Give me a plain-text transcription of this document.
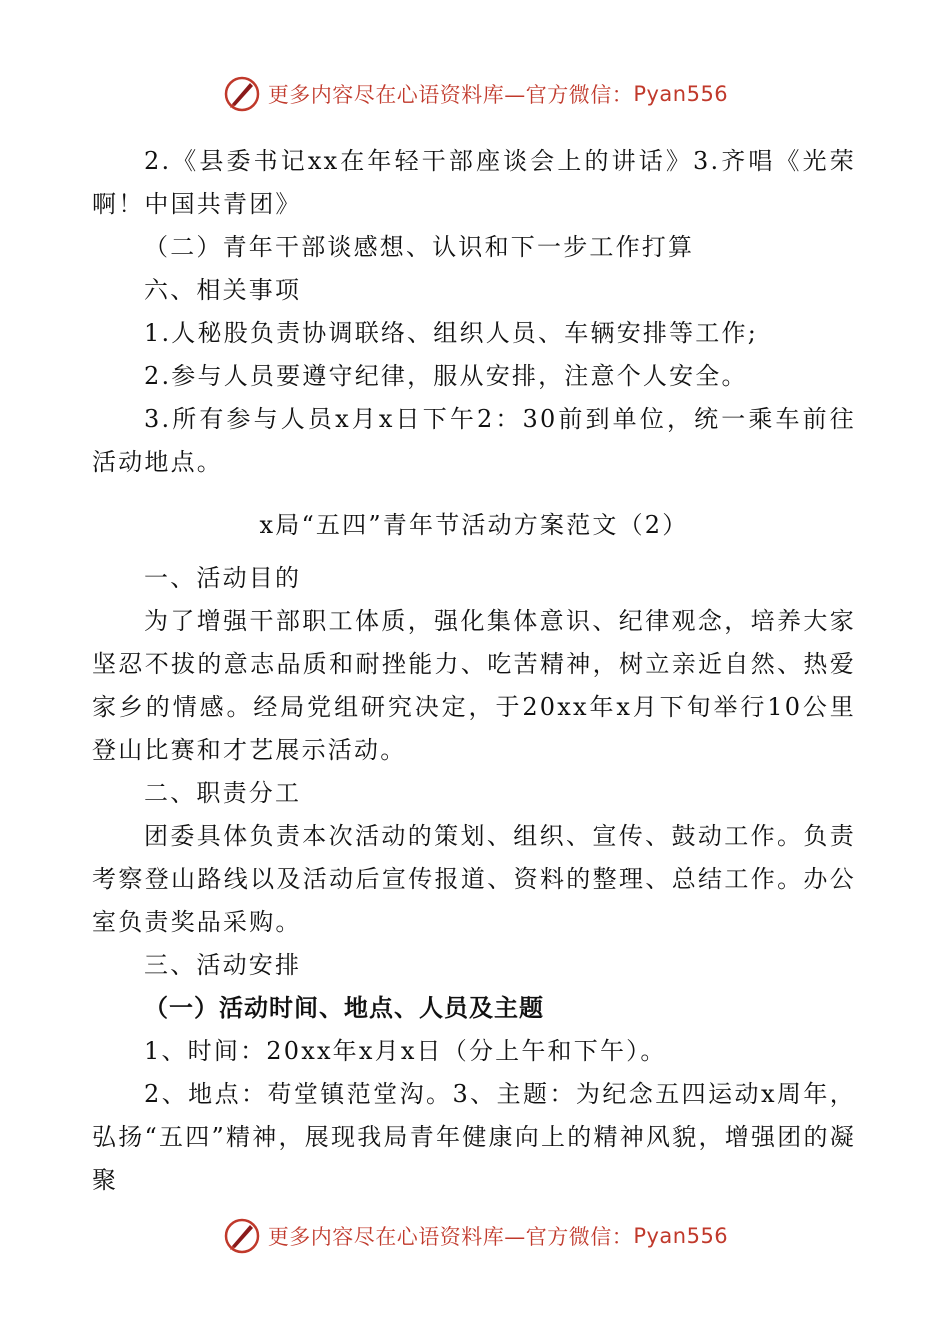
更多内容尽在心语资料库—官方微信： Pyan556

2.《县委书记xx在年轻干部座谈会上的讲话》3.齐唱《光荣啊！中国共青团》

（二）青年干部谈感想、认识和下一步工作打算

六、相关事项

1.人秘股负责协调联络、组织人员、车辆安排等工作;

2.参与人员要遵守纪律，服从安排，注意个人安全。

3.所有参与人员x月x日下午2：30前到单位，统一乘车前往活动地点。

x局“五四”青年节活动方案范文（2）

一、活动目的

为了增强干部职工体质，强化集体意识、纪律观念，培养大家坚忍不拔的意志品质和耐挫能力、吃苦精神，树立亲近自然、热爱家乡的情感。经局党组研究决定，于20xx年x月下旬举行10公里登山比赛和才艺展示活动。

二、职责分工

团委具体负责本次活动的策划、组织、宣传、鼓动工作。负责考察登山路线以及活动后宣传报道、资料的整理、总结工作。办公室负责奖品采购。

三、活动安排

（一）活动时间、地点、人员及主题

1、时间：20xx年x月x日（分上午和下午）。

2、地点：苟堂镇范堂沟。3、主题：为纪念五四运动x周年，弘扬“五四”精神，展现我局青年健康向上的精神风貌，增强团的凝聚

更多内容尽在心语资料库—官方微信： Pyan556
